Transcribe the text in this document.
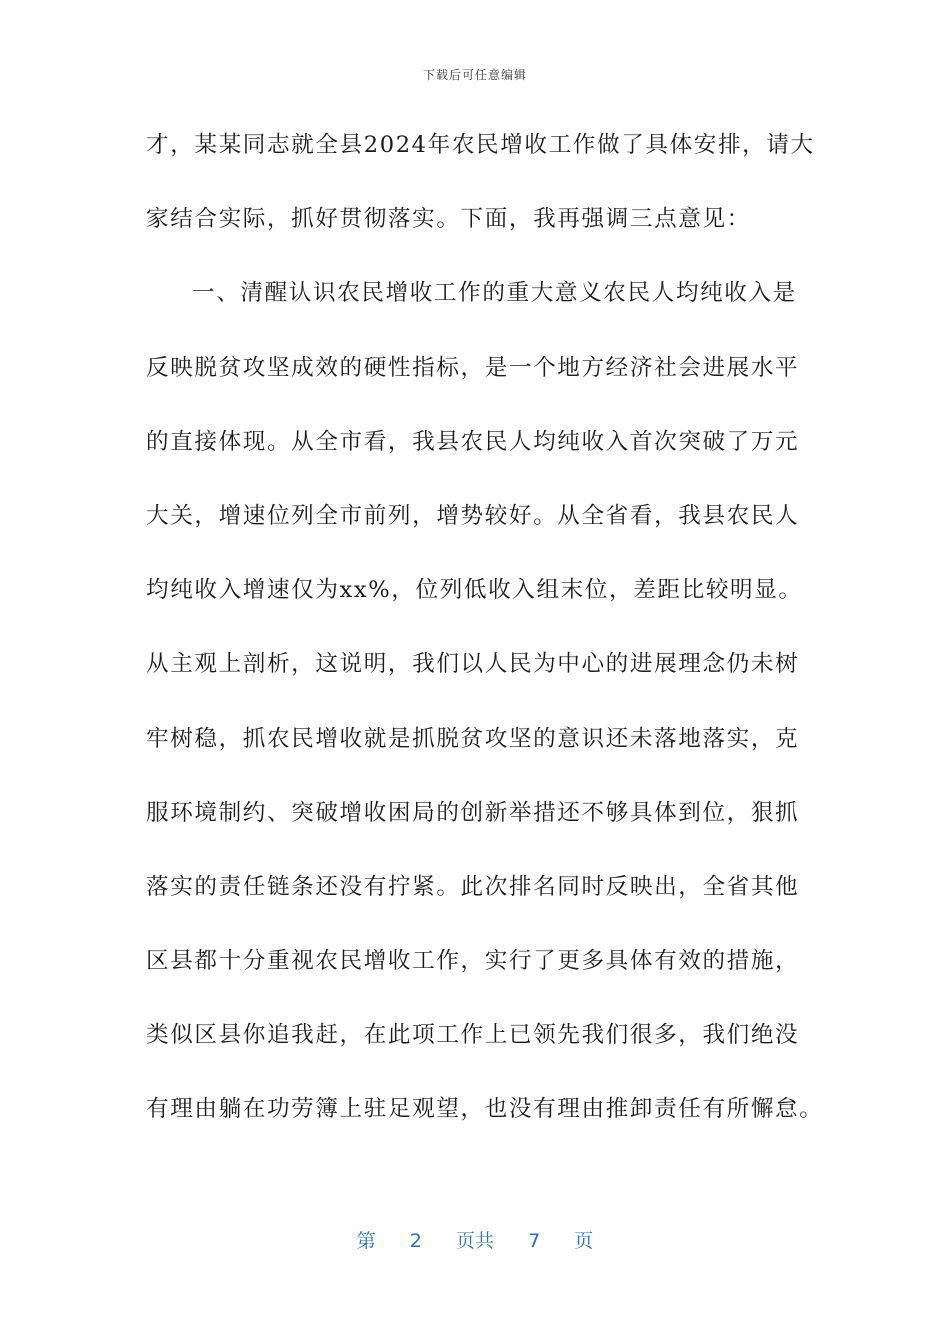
下载后可任意编辑
才，某某同志就全县2024年农民增收工作做了具体安排，请大
家结合实际，抓好贯彻落实。下面，我再强调三点意见：
一、清醒认识农民增收工作的重大意义农民人均纯收入是
反映脱贫攻坚成效的硬性指标，是一个地方经济社会进展水平
的直接体现。从全市看，我县农民人均纯收入首次突破了万元
大关，增速位列全市前列，增势较好。从全省看，我县农民人
均纯收入增速仅为xx%，位列低收入组末位，差距比较明显。
从主观上剖析，这说明，我们以人民为中心的进展理念仍未树
牢树稳，抓农民增收就是抓脱贫攻坚的意识还未落地落实，克
服环境制约、突破增收困局的创新举措还不够具体到位，狠抓
落实的责任链条还没有拧紧。此次排名同时反映出，全省其他
区县都十分重视农民增收工作，实行了更多具体有效的措施，
类似区县你追我赶，在此项工作上已领先我们很多，我们绝没
有理由躺在功劳簿上驻足观望，也没有理由推卸责任有所懈怠。
第 2 页共 7 页
